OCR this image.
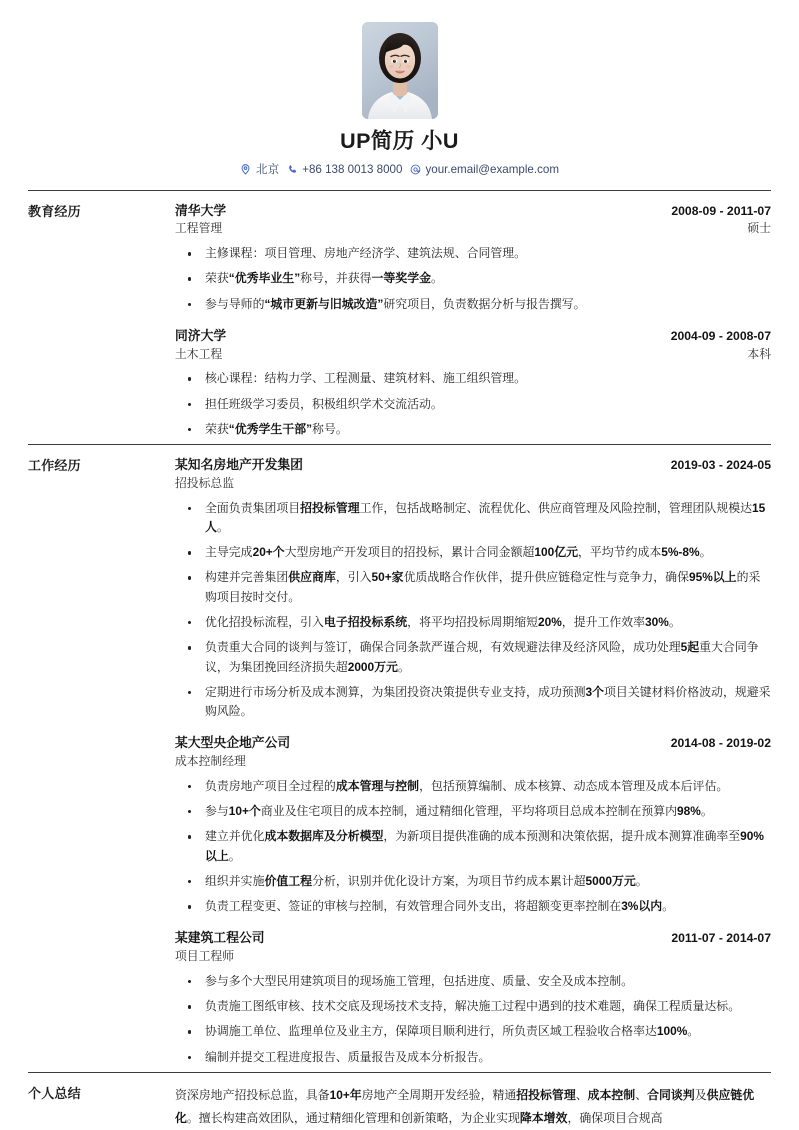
UP简历 小U
北京 +86 138 0013 8000 your.email@example.com
教育经历	清华大学	2008-09 - 2011-07
工程管理	硕士
主修课程：项目管理、房地产经济学、建筑法规、合同管理。
荣获“优秀毕业生”称号，并获得一等奖学金。
参与导师的“城市更新与旧城改造”研究项目，负责数据分析与报告撰写。
同济大学	2004-09 - 2008-07
土木工程	本科
核心课程：结构力学、工程测量、建筑材料、施工组织管理。
担任班级学习委员，积极组织学术交流活动。
荣获“优秀学生干部”称号。
工作经历	某知名房地产开发集团	2019-03 - 2024-05
招投标总监
全面负责集团项目招投标管理工作，包括战略制定、流程优化、供应商管理及风险控制，管理团队规模达15人。
主导完成20+个大型房地产开发项目的招投标，累计合同金额超100亿元，平均节约成本5%-8%。
构建并完善集团供应商库，引入50+家优质战略合作伙伴，提升供应链稳定性与竞争力，确保95%以上的采购项目按时交付。
优化招投标流程，引入电子招投标系统，将平均招投标周期缩短20%，提升工作效率30%。
负责重大合同的谈判与签订，确保合同条款严谨合规，有效规避法律及经济风险，成功处理5起重大合同争议，为集团挽回经济损失超2000万元。
定期进行市场分析及成本测算，为集团投资决策提供专业支持，成功预测3个项目关键材料价格波动，规避采购风险。
某大型央企地产公司	2014-08 - 2019-02
成本控制经理
负责房地产项目全过程的成本管理与控制，包括预算编制、成本核算、动态成本管理及成本后评估。
参与10+个商业及住宅项目的成本控制，通过精细化管理，平均将项目总成本控制在预算内98%。
建立并优化成本数据库及分析模型，为新项目提供准确的成本预测和决策依据，提升成本测算准确率至90%以上。
组织并实施价值工程分析，识别并优化设计方案，为项目节约成本累计超5000万元。
负责工程变更、签证的审核与控制，有效管理合同外支出，将超额变更率控制在3%以内。
某建筑工程公司	2011-07 - 2014-07
项目工程师
参与多个大型民用建筑项目的现场施工管理，包括进度、质量、安全及成本控制。
负责施工图纸审核、技术交底及现场技术支持，解决施工过程中遇到的技术难题，确保工程质量达标。
协调施工单位、监理单位及业主方，保障项目顺利进行，所负责区域工程验收合格率达100%。
编制并提交工程进度报告、质量报告及成本分析报告。
个人总结	资深房地产招投标总监，具备10+年房地产全周期开发经验，精通招投标管理、成本控制、合同谈判及供应链优化。擅长构建高效团队，通过精细化管理和创新策略，为企业实现降本增效，确保项目合规高
